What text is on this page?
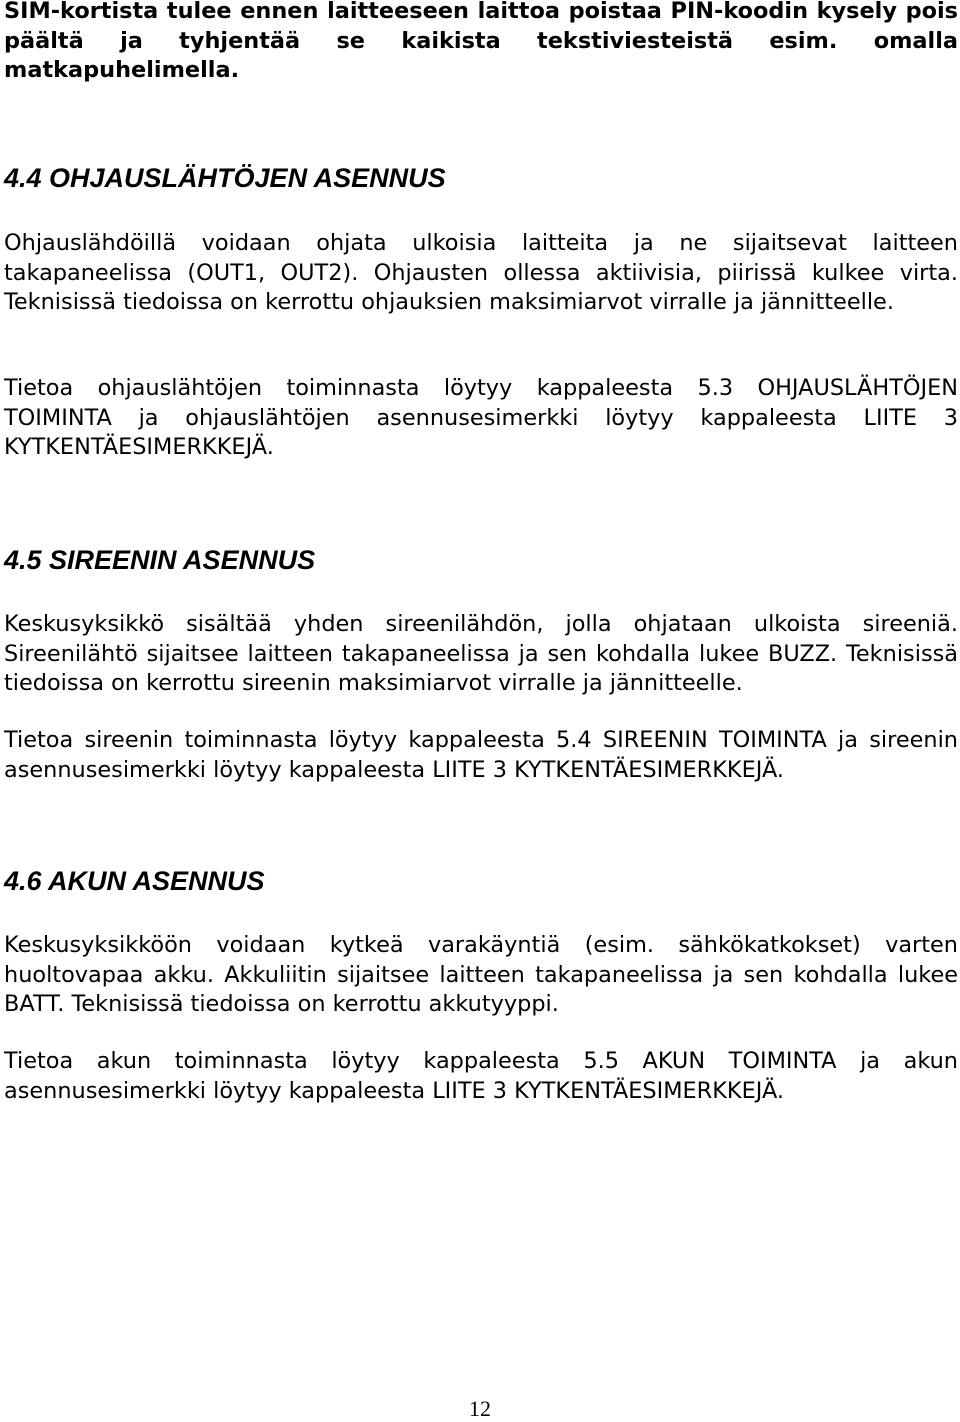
SIM-kortista tulee ennen laitteeseen laittoa poistaa PIN-koodin kysely pois päältä ja tyhjentää se kaikista tekstiviesteistä esim. omalla matkapuhelimella.

4.4 OHJAUSLÄHTÖJEN ASENNUS

Ohjauslähdöillä voidaan ohjata ulkoisia laitteita ja ne sijaitsevat laitteen takapaneelissa (OUT1, OUT2). Ohjausten ollessa aktiivisia, piirissä kulkee virta. Teknisissä tiedoissa on kerrottu ohjauksien maksimiarvot virralle ja jännitteelle.

Tietoa ohjauslähtöjen toiminnasta löytyy kappaleesta 5.3 OHJAUSLÄHTÖJEN TOIMINTA ja ohjauslähtöjen asennusesimerkki löytyy kappaleesta LIITE 3 KYTKENTÄESIMERKKEJÄ.

4.5 SIREENIN ASENNUS

Keskusyksikkö sisältää yhden sireenilähdön, jolla ohjataan ulkoista sireeniä. Sireenilähtö sijaitsee laitteen takapaneelissa ja sen kohdalla lukee BUZZ. Teknisissä tiedoissa on kerrottu sireenin maksimiarvot virralle ja jännitteelle.

Tietoa sireenin toiminnasta löytyy kappaleesta 5.4 SIREENIN TOIMINTA ja sireenin asennusesimerkki löytyy kappaleesta LIITE 3 KYTKENTÄESIMERKKEJÄ.

4.6 AKUN ASENNUS

Keskusyksikköön voidaan kytkeä varakäyntiä (esim. sähkökatkokset) varten huoltovapaa akku. Akkuliitin sijaitsee laitteen takapaneelissa ja sen kohdalla lukee BATT. Teknisissä tiedoissa on kerrottu akkutyyppi.

Tietoa akun toiminnasta löytyy kappaleesta 5.5 AKUN TOIMINTA ja akun asennusesimerkki löytyy kappaleesta LIITE 3 KYTKENTÄESIMERKKEJÄ.

12
